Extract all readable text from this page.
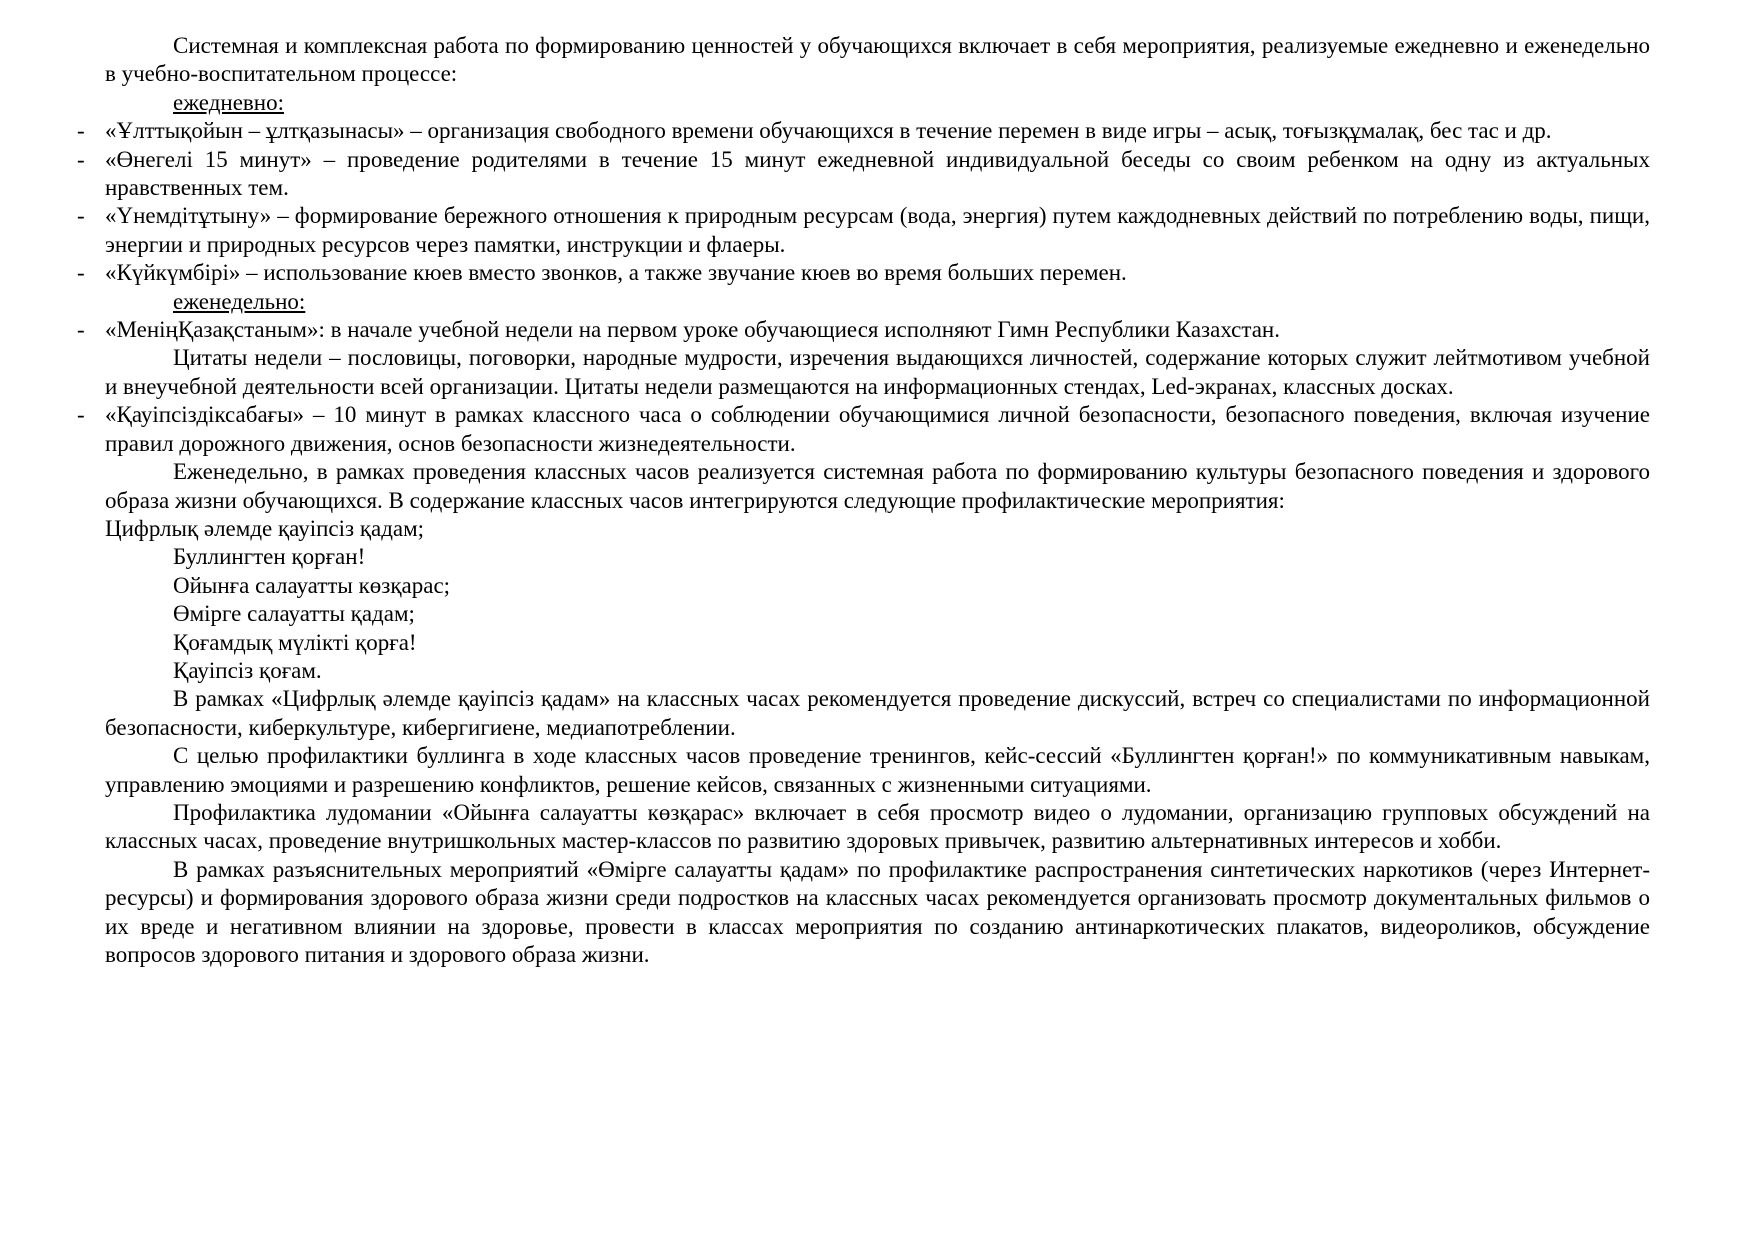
Системная и комплексная работа по формированию ценностей у обучающихся включает в себя мероприятия, реализуемые ежедневно и еженедельно в учебно-воспитательном процессе:

ежедневно:

- «Ұлттықойын – ұлтқазынасы» – организация свободного времени обучающихся в течение перемен в виде игры – асық, тоғызқұмалақ, бес тас и др.

- «Өнегелі 15 минут» – проведение родителями в течение 15 минут ежедневной индивидуальной беседы со своим ребенком на одну из актуальных нравственных тем.

- «Үнемдітұтыну» – формирование бережного отношения к природным ресурсам (вода, энергия) путем каждодневных действий по потреблению воды, пищи, энергии и природных ресурсов через памятки, инструкции и флаеры.

- «Күйкүмбірі» – использование кюев вместо звонков, а также звучание кюев во время больших перемен.

еженедельно:

- «МеніңҚазақстаным»: в начале учебной недели на первом уроке обучающиеся исполняют Гимн Республики Казахстан.

Цитаты недели – пословицы, поговорки, народные мудрости, изречения выдающихся личностей, содержание которых служит лейтмотивом учебной и внеучебной деятельности всей организации. Цитаты недели размещаются на информационных стендах, Led-экранах, классных досках.

- «Қауіпсіздіксабағы» – 10 минут в рамках классного часа о соблюдении обучающимися личной безопасности, безопасного поведения, включая изучение правил дорожного движения, основ безопасности жизнедеятельности.

Еженедельно, в рамках проведения классных часов реализуется системная работа по формированию культуры безопасного поведения и здорового образа жизни обучающихся. В содержание классных часов интегрируются следующие профилактические мероприятия:

Цифрлық әлемде қауіпсіз қадам;

Буллингтен қорған!

Ойынға салауатты көзқарас;

Өмірге салауатты қадам;

Қоғамдық мүлікті қорға!

Қауіпсіз қоғам.

В рамках «Цифрлық әлемде қауіпсіз қадам» на классных часах рекомендуется проведение дискуссий, встреч со специалистами по информационной безопасности, киберкультуре, кибергигиене, медиапотреблении.

С целью профилактики буллинга в ходе классных часов проведение тренингов, кейс-сессий «Буллингтен қорған!» по коммуникативным навыкам, управлению эмоциями и разрешению конфликтов, решение кейсов, связанных с жизненными ситуациями.

Профилактика лудомании «Ойынға салауатты көзқарас» включает в себя просмотр видео о лудомании, организацию групповых обсуждений на классных часах, проведение внутришкольных мастер-классов по развитию здоровых привычек, развитию альтернативных интересов и хобби.

В рамках разъяснительных мероприятий «Өмірге салауатты қадам» по профилактике распространения синтетических наркотиков (через Интернет-ресурсы) и формирования здорового образа жизни среди подростков на классных часах рекомендуется организовать просмотр документальных фильмов о их вреде и негативном влиянии на здоровье, провести в классах мероприятия по созданию антинаркотических плакатов, видеороликов, обсуждение вопросов здорового питания и здорового образа жизни.
